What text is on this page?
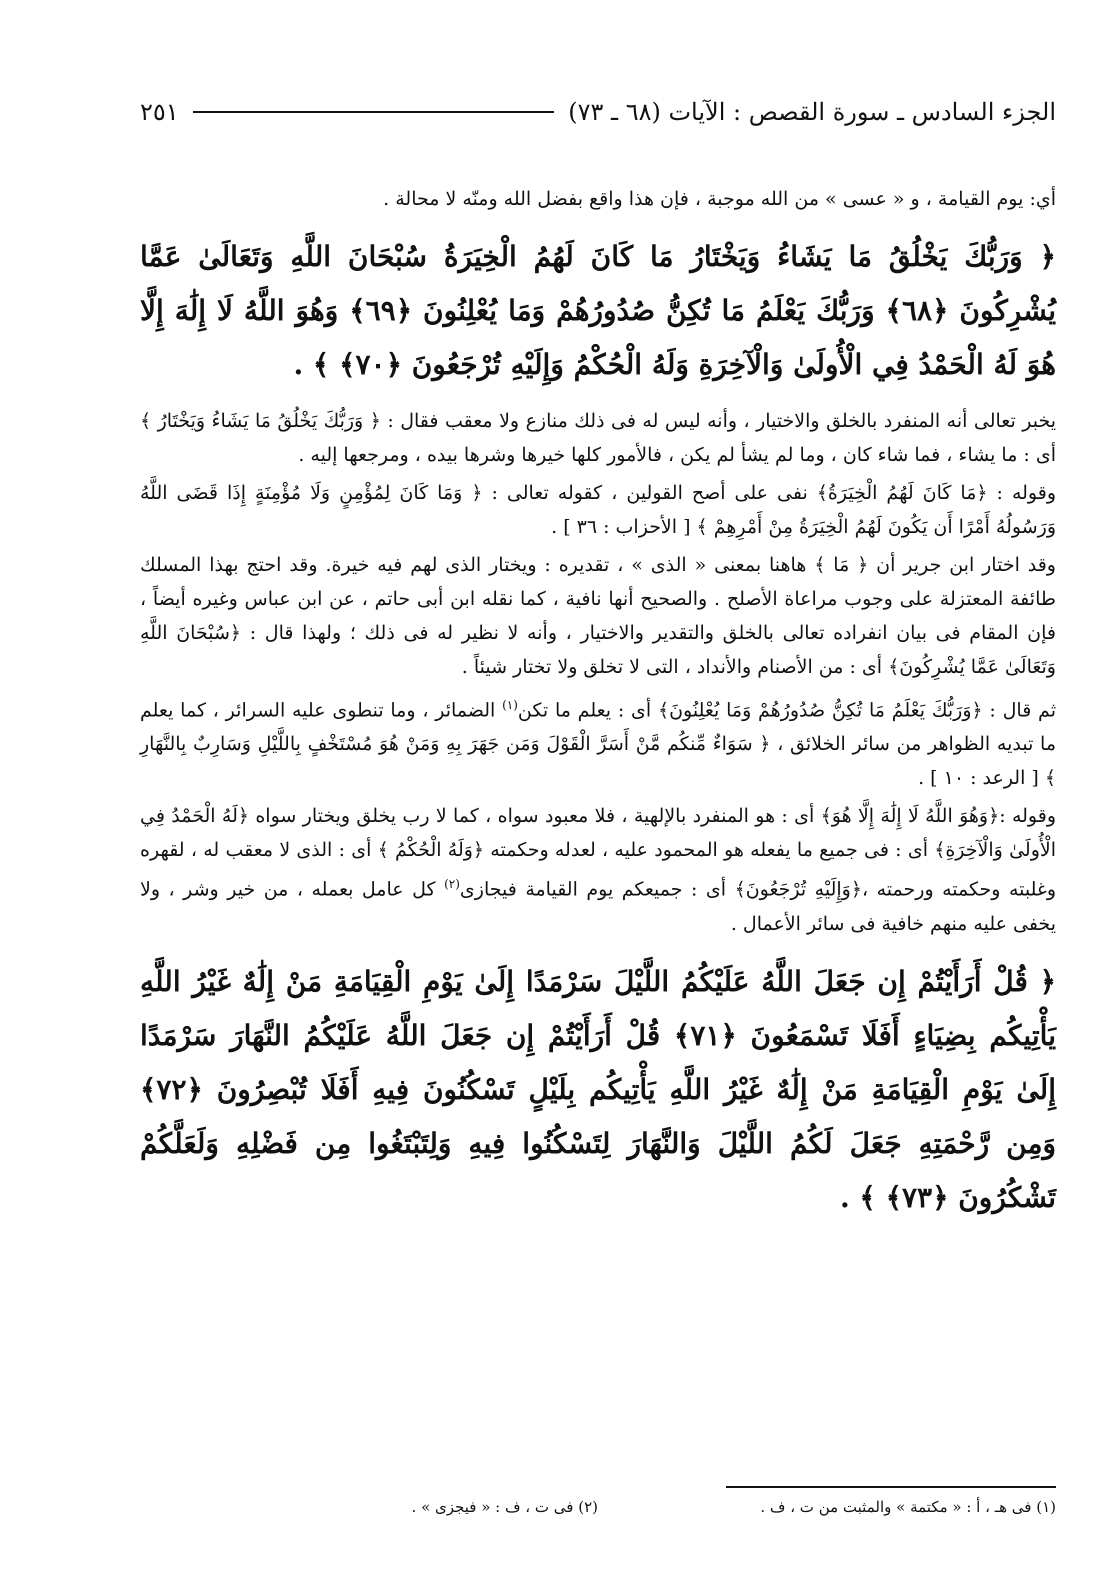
الجزء السادس ـ سورة القصص : الآيات (٦٨ ـ ٧٣)
٢٥١

أي: يوم القيامة ، و « عسى » من الله موجبة ، فإن هذا واقع بفضل الله ومنّه لا محالة .

﴿ وَرَبُّكَ يَخْلُقُ مَا يَشَاءُ وَيَخْتَارُ مَا كَانَ لَهُمُ الْخِيَرَةُ سُبْحَانَ اللَّهِ وَتَعَالَىٰ عَمَّا يُشْرِكُونَ ﴿٦٨﴾ وَرَبُّكَ يَعْلَمُ مَا تُكِنُّ صُدُورُهُمْ وَمَا يُعْلِنُونَ ﴿٦٩﴾ وَهُوَ اللَّهُ لَا إِلَٰهَ إِلَّا هُوَ لَهُ الْحَمْدُ فِي الْأُولَىٰ وَالْآخِرَةِ وَلَهُ الْحُكْمُ وَإِلَيْهِ تُرْجَعُونَ ﴿٧٠﴾ ﴾ .

يخبر تعالى أنه المنفرد بالخلق والاختيار ، وأنه ليس له فى ذلك منازع ولا معقب فقال : ﴿ وَرَبُّكَ يَخْلُقُ مَا يَشَاءُ وَيَخْتَارُ ﴾ أى : ما يشاء ، فما شاء كان ، وما لم يشأ لم يكن ، فالأمور كلها خيرها وشرها بيده ، ومرجعها إليه .

وقوله : ﴿مَا كَانَ لَهُمُ الْخِيَرَةُ﴾ نفى على أصح القولين ، كقوله تعالى : ﴿ وَمَا كَانَ لِمُؤْمِنٍ وَلَا مُؤْمِنَةٍ إِذَا قَضَى اللَّهُ وَرَسُولُهُ أَمْرًا أَن يَكُونَ لَهُمُ الْخِيَرَةُ مِنْ أَمْرِهِمْ ﴾ [ الأحزاب : ٣٦ ] .

وقد اختار ابن جرير أن ﴿ مَا ﴾ هاهنا بمعنى « الذى » ، تقديره : ويختار الذى لهم فيه خيرة. وقد احتج بهذا المسلك طائفة المعتزلة على وجوب مراعاة الأصلح . والصحيح أنها نافية ، كما نقله ابن أبى حاتم ، عن ابن عباس وغيره أيضاً ، فإن المقام فى بيان انفراده تعالى بالخلق والتقدير والاختيار ، وأنه لا نظير له فى ذلك ؛ ولهذا قال : ﴿سُبْحَانَ اللَّهِ وَتَعَالَىٰ عَمَّا يُشْرِكُونَ﴾ أى : من الأصنام والأنداد ، التى لا تخلق ولا تختار شيئاً .

ثم قال : ﴿وَرَبُّكَ يَعْلَمُ مَا تُكِنُّ صُدُورُهُمْ وَمَا يُعْلِنُونَ﴾ أى : يعلم ما تكن$^{(١)}$ الضمائر ، وما تنطوى عليه السرائر ، كما يعلم ما تبديه الظواهر من سائر الخلائق ، ﴿ سَوَاءٌ مِّنكُم مَّنْ أَسَرَّ الْقَوْلَ وَمَن جَهَرَ بِهِ وَمَنْ هُوَ مُسْتَخْفٍ بِاللَّيْلِ وَسَارِبٌ بِالنَّهَارِ ﴾ [ الرعد : ١٠ ] .

وقوله :﴿وَهُوَ اللَّهُ لَا إِلَٰهَ إِلَّا هُوَ﴾ أى : هو المنفرد بالإلهية ، فلا معبود سواه ، كما لا رب يخلق ويختار سواه ﴿لَهُ الْحَمْدُ فِي الْأُولَىٰ وَالْآخِرَةِ﴾ أى : فى جميع ما يفعله هو المحمود عليه ، لعدله وحكمته ﴿وَلَهُ الْحُكْمُ ﴾ أى : الذى لا معقب له ، لقهره وغلبته وحكمته ورحمته ،﴿وَإِلَيْهِ تُرْجَعُونَ﴾ أى : جميعكم يوم القيامة فيجازى$^{(٢)}$ كل عامل بعمله ، من خير وشر ، ولا يخفى عليه منهم خافية فى سائر الأعمال .

﴿ قُلْ أَرَأَيْتُمْ إِن جَعَلَ اللَّهُ عَلَيْكُمُ اللَّيْلَ سَرْمَدًا إِلَىٰ يَوْمِ الْقِيَامَةِ مَنْ إِلَٰهٌ غَيْرُ اللَّهِ يَأْتِيكُم بِضِيَاءٍ أَفَلَا تَسْمَعُونَ ﴿٧١﴾ قُلْ أَرَأَيْتُمْ إِن جَعَلَ اللَّهُ عَلَيْكُمُ النَّهَارَ سَرْمَدًا إِلَىٰ يَوْمِ الْقِيَامَةِ مَنْ إِلَٰهٌ غَيْرُ اللَّهِ يَأْتِيكُم بِلَيْلٍ تَسْكُنُونَ فِيهِ أَفَلَا تُبْصِرُونَ ﴿٧٢﴾ وَمِن رَّحْمَتِهِ جَعَلَ لَكُمُ اللَّيْلَ وَالنَّهَارَ لِتَسْكُنُوا فِيهِ وَلِتَبْتَغُوا مِن فَضْلِهِ وَلَعَلَّكُمْ تَشْكُرُونَ ﴿٧٣﴾ ﴾ .

(١) فى هـ ، أ : « مكتمة » والمثبت من ت ، ف .
(٢) فى ت ، ف : « فيجزى » .
